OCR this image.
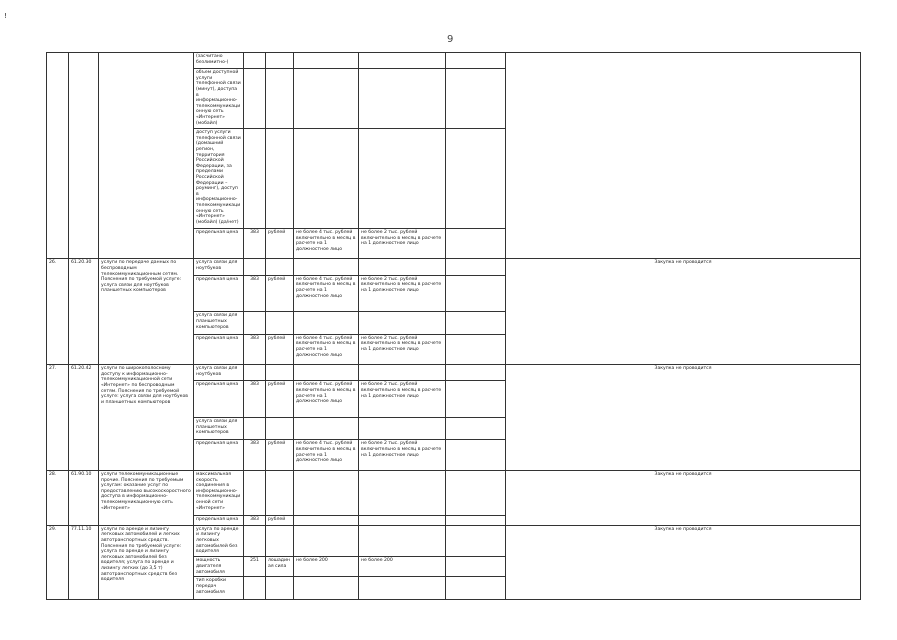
!
9
			(засчитано безлимитно-)						
			объем доступной услуги телефонной связи (минут), доступа в информационно-телекоммуникационную сеть «Интернет» (мобайл)						
			доступ услуги телефонной связи (домашний регион, территория Российской Федерации, за пределами Российской Федерации – роуминг), доступ в информационно-телекоммуникационную сеть «Интернет» (мобайл) (да/нет)						
			предельная цена	383	рублей	не более 4 тыс. рублей включительно в месяц в расчете на 1 должностное лицо	не более 2 тыс. рублей включительно в месяц в расчете на 1 должностное лицо		
26.	61.20.30	услуги по передаче данных по беспроводным телекоммуникационным сетям. Пояснения по требуемой услуге: услуга связи для ноутбуков планшетных компьютеров	услуга связи для ноутбуков						Закупка не проводится
			предельная цена	383	рублей	не более 4 тыс. рублей включительно в месяц в расчете на 1 должностное лицо	не более 2 тыс. рублей включительно в месяц в расчете на 1 должностное лицо		
			услуга связи для планшетных компьютеров						
			предельная цена	383	рублей	не более 4 тыс. рублей включительно в месяц в расчете на 1 должностное лицо	не более 2 тыс. рублей включительно в месяц в расчете на 1 должностное лицо		
27.	61.20.42	услуги по широкополосному доступу к информационно-телекоммуникационной сети «Интернет» по беспроводным сетям. Пояснения по требуемой услуге: услуга связи для ноутбуков и планшетных компьютеров	услуга связи для ноутбуков						Закупка не проводится
			предельная цена	383	рублей	не более 4 тыс. рублей включительно в месяц в расчете на 1 должностное лицо	не более 2 тыс. рублей включительно в месяц в расчете на 1 должностное лицо		
			услуга связи для планшетных компьютеров						
			предельная цена	383	рублей	не более 4 тыс. рублей включительно в месяц в расчете на 1 должностное лицо	не более 2 тыс. рублей включительно в месяц в расчете на 1 должностное лицо		
28.	61.90.10	услуги телекоммуникационные прочие. Пояснения по требуемым услугам: оказание услуг по предоставлению высокоскоростного доступа в информационно-телекоммуникационную сеть «Интернет»	максимальная скорость соединения в информационно-телекоммуникационной сети «Интернет»						Закупка не проводится
			предельная цена	383	рублей				
29.	77.11.10	услуги по аренде и лизингу легковых автомобилей и легких автотранспортных средств. Пояснения по требуемой услуге: услуга по аренде и лизингу легковых автомобилей без водителя; услуга по аренде и лизингу легких (до 3,5 т) автотранспортных средств без водителя	услуга по аренде и лизингу легковых автомобилей без водителя						Закупка не проводится
			мощность двигателя автомобиля	251	лошадиная сила	не более 200	не более 200		
			тип коробки передач автомобиля						
